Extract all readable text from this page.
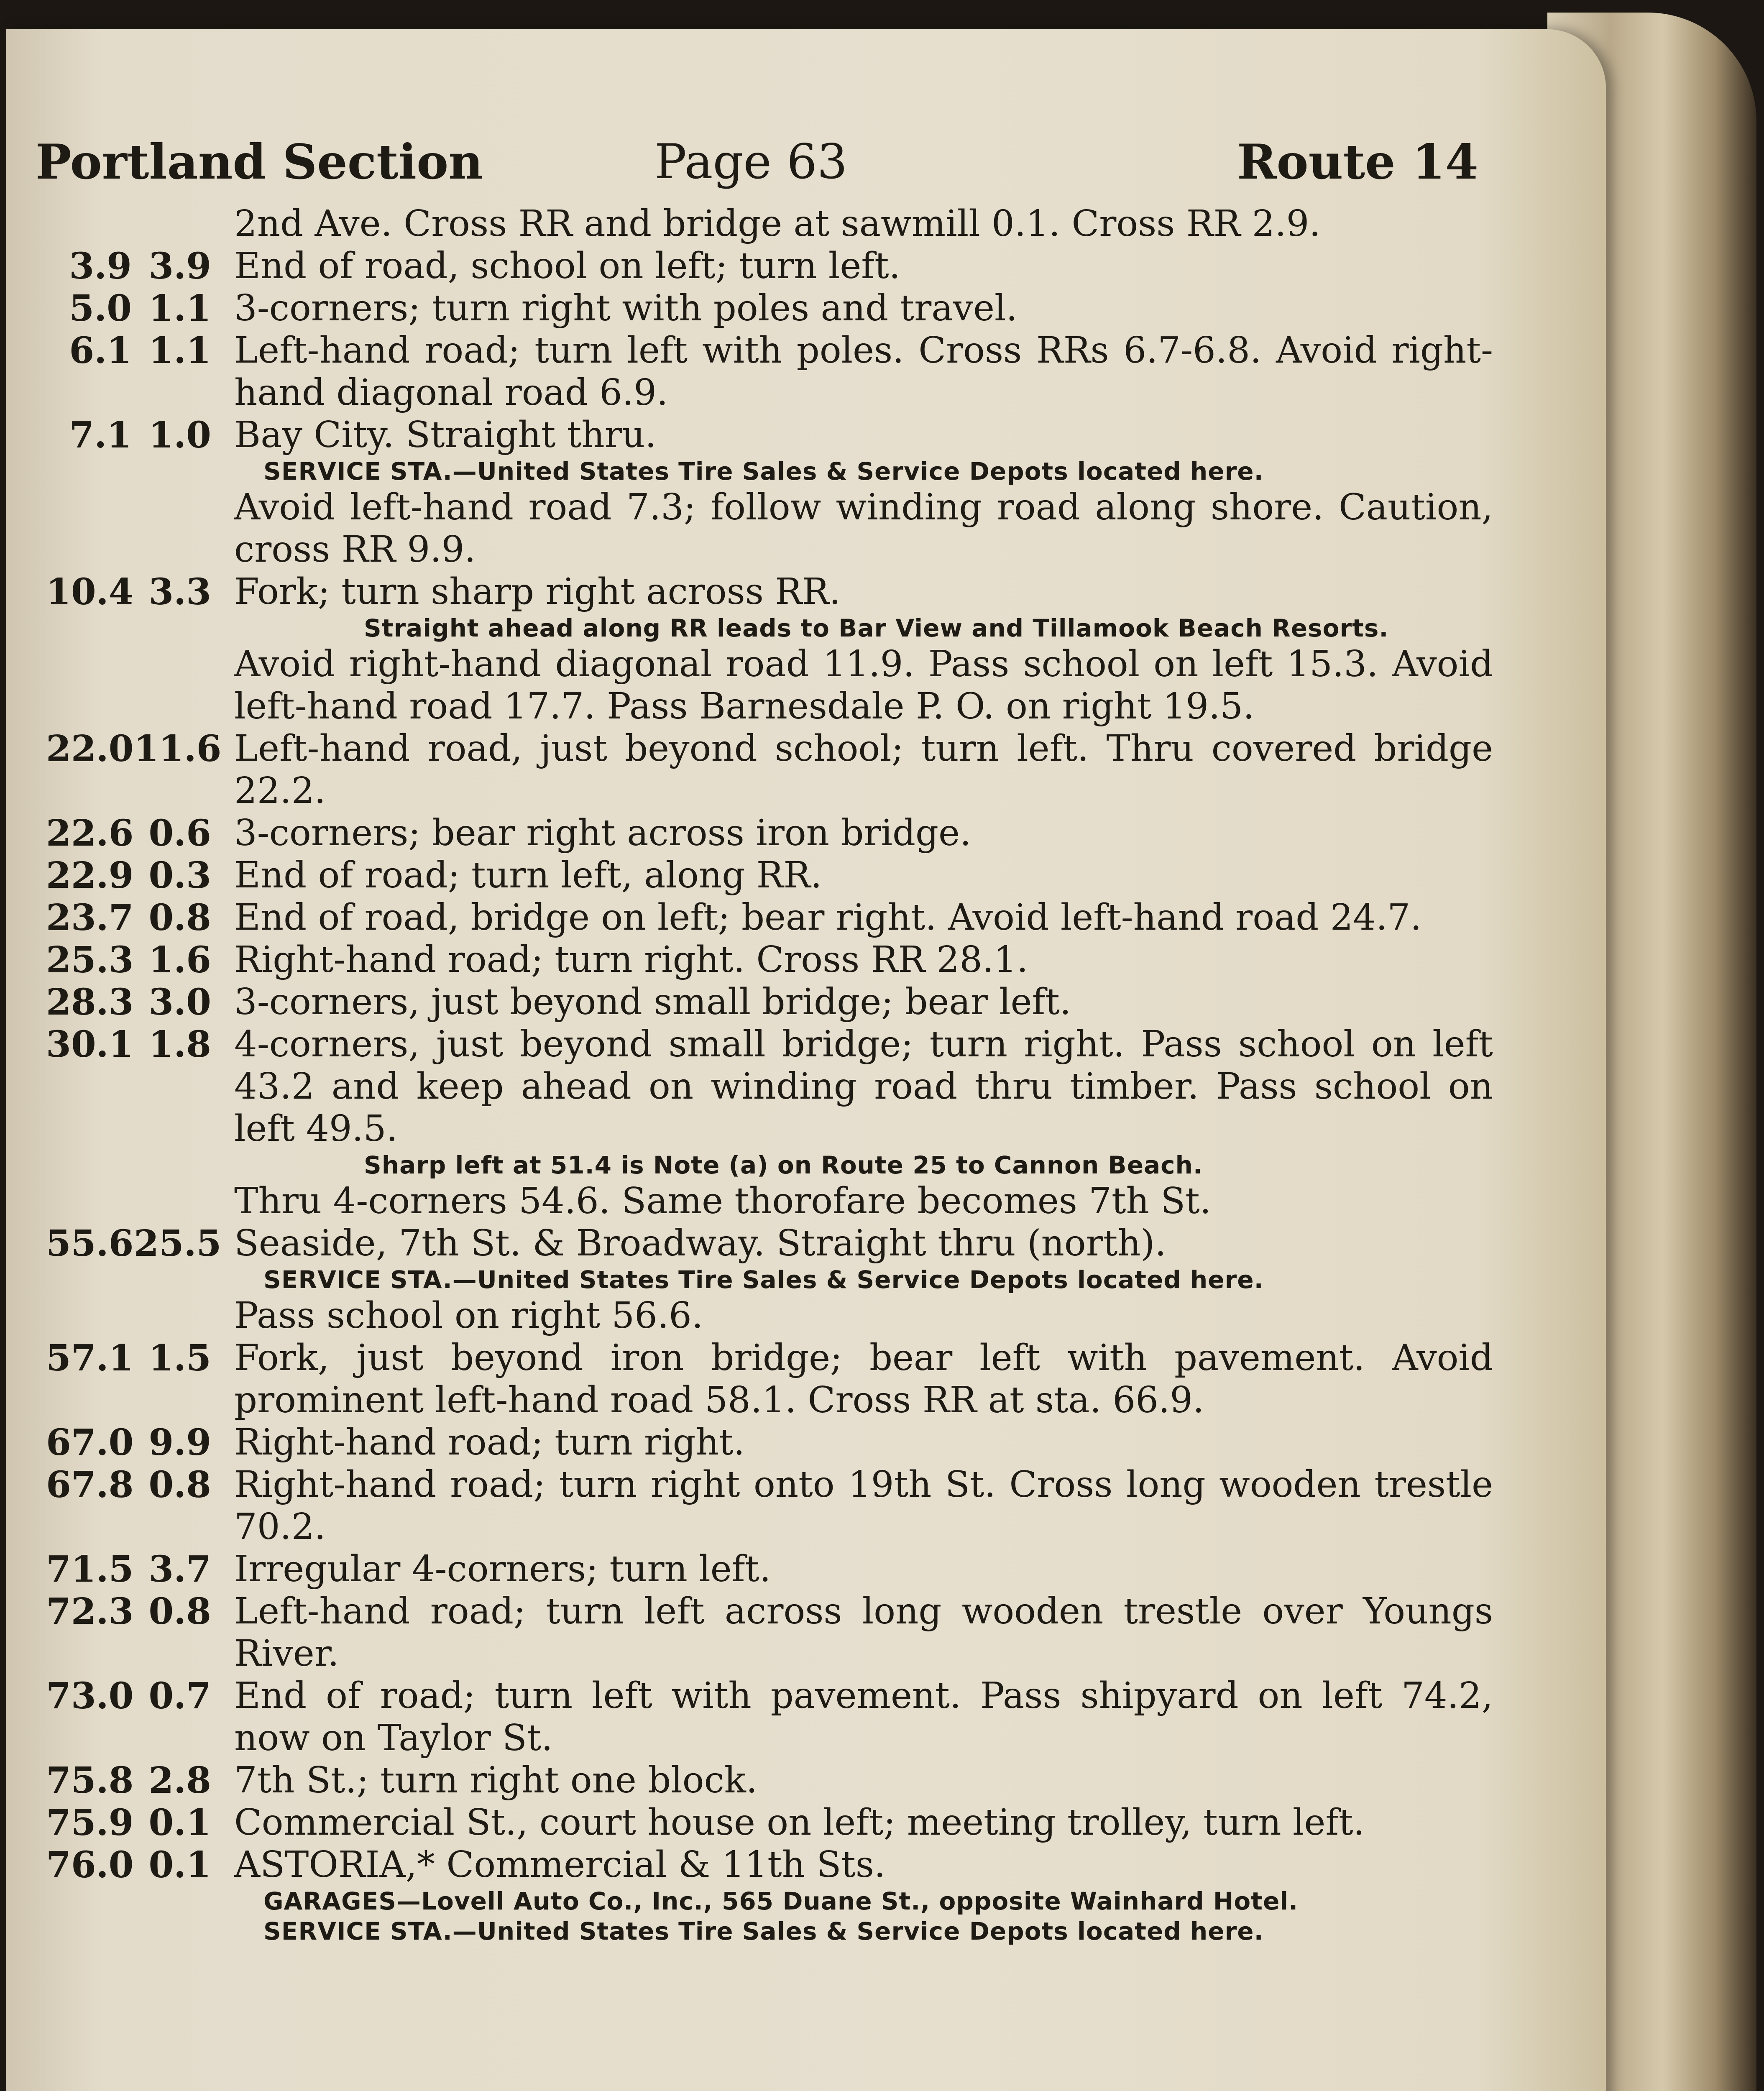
Portland Section	Page 63	Route 14
2nd Ave. Cross RR and bridge at sawmill 0.1. Cross RR 2.9.
3.9 3.9 End of road, school on left; turn left.
5.0 1.1 3-corners; turn right with poles and travel.
6.1 1.1 Left-hand road; turn left with poles. Cross RRs 6.7-6.8. Avoid right-hand diagonal road 6.9.
7.1 1.0 Bay City. Straight thru.
SERVICE STA.—United States Tire Sales & Service Depots located here.
Avoid left-hand road 7.3; follow winding road along shore. Caution, cross RR 9.9.
10.4 3.3 Fork; turn sharp right across RR.
Straight ahead along RR leads to Bar View and Tillamook Beach Resorts.
Avoid right-hand diagonal road 11.9. Pass school on left 15.3. Avoid left-hand road 17.7. Pass Barnesdale P. O. on right 19.5.
22.0 11.6 Left-hand road, just beyond school; turn left. Thru covered bridge 22.2.
22.6 0.6 3-corners; bear right across iron bridge.
22.9 0.3 End of road; turn left, along RR.
23.7 0.8 End of road, bridge on left; bear right. Avoid left-hand road 24.7.
25.3 1.6 Right-hand road; turn right. Cross RR 28.1.
28.3 3.0 3-corners, just beyond small bridge; bear left.
30.1 1.8 4-corners, just beyond small bridge; turn right. Pass school on left 43.2 and keep ahead on winding road thru timber. Pass school on left 49.5.
Sharp left at 51.4 is Note (a) on Route 25 to Cannon Beach.
Thru 4-corners 54.6. Same thorofare becomes 7th St.
55.6 25.5 Seaside, 7th St. & Broadway. Straight thru (north).
SERVICE STA.—United States Tire Sales & Service Depots located here.
Pass school on right 56.6.
57.1 1.5 Fork, just beyond iron bridge; bear left with pavement. Avoid prominent left-hand road 58.1. Cross RR at sta. 66.9.
67.0 9.9 Right-hand road; turn right.
67.8 0.8 Right-hand road; turn right onto 19th St. Cross long wooden trestle 70.2.
71.5 3.7 Irregular 4-corners; turn left.
72.3 0.8 Left-hand road; turn left across long wooden trestle over Youngs River.
73.0 0.7 End of road; turn left with pavement. Pass shipyard on left 74.2, now on Taylor St.
75.8 2.8 7th St.; turn right one block.
75.9 0.1 Commercial St., court house on left; meeting trolley, turn left.
76.0 0.1 ASTORIA,* Commercial & 11th Sts.
GARAGES—Lovell Auto Co., Inc., 565 Duane St., opposite Wainhard Hotel.
SERVICE STA.—United States Tire Sales & Service Depots located here.
